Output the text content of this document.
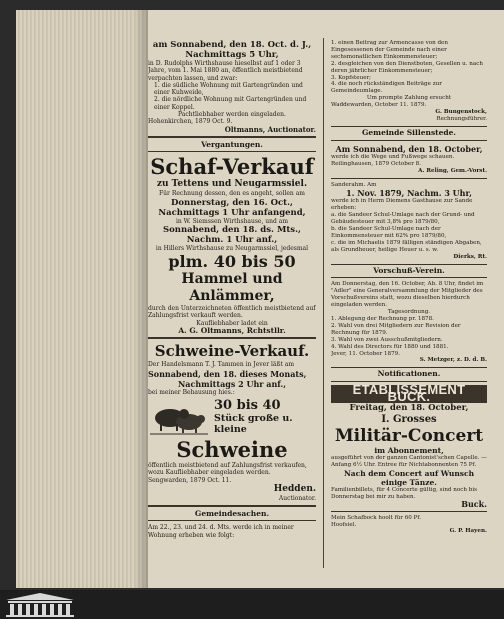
am Sonnabend, den 18. Oct. d. J.,

Nachmittags 5 Uhr,

in D. Rudolphs Wirthshause hieselbst auf 1 oder 3 Jahre, vom 1. Mai 1880 an, öffentlich meistbietend verpachten lassen, und zwar:

1. die südliche Wohnung mit Gartengründen und einer Kuhweide,

2. die nördliche Wohnung mit Gartengründen und einer Koppel.

Pachtliebhaber werden eingeladen.

Hohenkirchen, 1879 Oct. 9.

Oltmanns, Auctionator.

Vergantungen.

Schaf-Verkauf

zu Tettens und Neugarmssiel.

Für Rechnung dessen, den es angeht, sollen am

Donnerstag, den 16. Oct.,

Nachmittags 1 Uhr anfangend,

in W. Siemssen Wirthshause, und am

Sonnabend, den 18. ds. Mts.,

Nachm. 1 Uhr anf.,

in Hillers Wirthshause zu Neugarmssiel, jedesmal

plm. 40 bis 50

Hammel und Anlämmer,

durch den Unterzeichneten öffentlich meistbietend auf Zahlungsfrist verkauft werden.

Kaufliebhaber ladet ein

A. G. Oltmanns, Rchtstllr.

Schweine-Verkauf.

Der Handelsmann T. J. Tammen in Jever läßt am

Sonnabend, den 18. dieses Monats,

Nachmittags 2 Uhr anf.,

bei meiner Behausung hies.:

30 bis 40

Stück große u. kleine

Schweine

öffentlich meistbietend auf Zahlungsfrist verkaufen, wozu Kaufliebhaber eingeladen werden.

Sengwarden, 1879 Oct. 11.

Hedden.

Auctionator.

Gemeindesachen.

Am 22., 23. und 24. d. Mts. werde ich in meiner Wohnung erheben wie folgt:

1. einen Beitrag zur Armencasse von den Eingesessenen der Gemeinde nach einer sechsmonatlichen Einkommensteuer;

2. desgleichen von den Dienstboten, Gesellen u. nach deren jährlicher Einkommensteuer;

3. Kopfsteuer;

4. die noch rückständigen Beiträge zur Gemeindeumlage.

Um prompte Zahlung ersucht

Waddewarden, October 11. 1879.

G. Bungenstock,

Rechnungsführer.

Gemeinde Sillenstede.

Am Sonnabend, den 18. October,

werde ich die Wege und Fußwege schauen.

Reilinghausen, 1879 October 8.

A. Reling, Gem.-Vorst.

Sanderahm. Am

1. Nov. 1879, Nachm. 3 Uhr,

werde ich in Herm Diemens Gasthause zur Sande erheben:

a. die Sandeer Schul-Umlage nach der Grund- und Gebäudesteuer mit 3,8% pro 1879/80,

b. die Sandeer Schul-Umlage nach der Einkommensteuer mit 62% pro 1879/80,

c. die im Michaelis 1879 fälligen ständigen Abgaben, als Grundheuer, heilige Heuer u. s. w.

Dierks, Rt.

Vorschuß-Verein.

Am Donnerstag, den 16. October, Ab. 8 Uhr, findet im "Adler" eine Generalversammlung der Mitglieder des Vorschußvereins statt, wozu dieselben hierdurch eingeladen werden.

Tagesordnung.

1. Ablegung der Rechnung pr. 1878.

2. Wahl von drei Mitgliedern zur Revision der Rechnung für 1879.

3. Wahl von zwei Ausschußmitgliedern.

4. Wahl des Directors für 1880 und 1881.

Jever, 11. October 1879.

S. Metzger, z. D. d. B.

Notificationen.

ETABLISSEMENT BUCK.

Freitag, den 18. October,

I. Grosses

Militär-Concert

im Abonnement,

ausgeführt von der ganzen Cantonist'schen Capelle. — Anfang 6½ Uhr. Entree für Nichtabonnenten 75 Pf.

Nach dem Concert auf Wunsch einige Tänze.

Familienbillets, für 4 Concerte gültig, sind noch bis Donnerstag bei mir zu haben.

Buck.

Mein Schafbock hoolt für 60 Pf.

Hoofsiel.

G. P. Hayen.
